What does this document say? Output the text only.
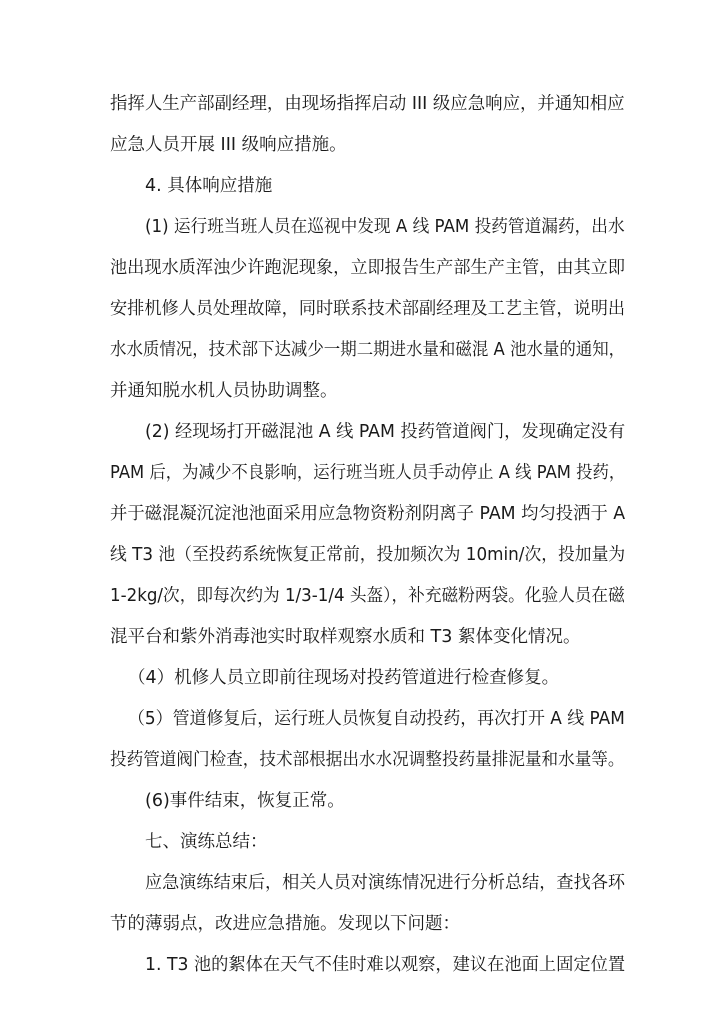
指挥人生产部副经理，由现场指挥启动 III 级应急响应，并通知相应

应急人员开展 III 级响应措施。

4. 具体响应措施

(1) 运行班当班人员在巡视中发现 A 线 PAM 投药管道漏药，出水

池出现水质浑浊少许跑泥现象，立即报告生产部生产主管，由其立即

安排机修人员处理故障，同时联系技术部副经理及工艺主管，说明出

水水质情况，技术部下达减少一期二期进水量和磁混 A 池水量的通知，

并通知脱水机人员协助调整。

(2) 经现场打开磁混池 A 线 PAM 投药管道阀门，发现确定没有

PAM 后，为减少不良影响，运行班当班人员手动停止 A 线 PAM 投药，

并于磁混凝沉淀池池面采用应急物资粉剂阴离子 PAM 均匀投洒于 A

线 T3 池（至投药系统恢复正常前，投加频次为 10min/次，投加量为

1-2kg/次，即每次约为 1/3-1/4 头盔），补充磁粉两袋。化验人员在磁

混平台和紫外消毒池实时取样观察水质和 T3 絮体变化情况。

（4）机修人员立即前往现场对投药管道进行检查修复。

（5）管道修复后，运行班人员恢复自动投药，再次打开 A 线 PAM

投药管道阀门检查，技术部根据出水水况调整投药量排泥量和水量等。

(6)事件结束，恢复正常。

七、演练总结：

应急演练结束后，相关人员对演练情况进行分析总结，查找各环

节的薄弱点，改进应急措施。发现以下问题：

1. T3 池的絮体在天气不佳时难以观察，建议在池面上固定位置
